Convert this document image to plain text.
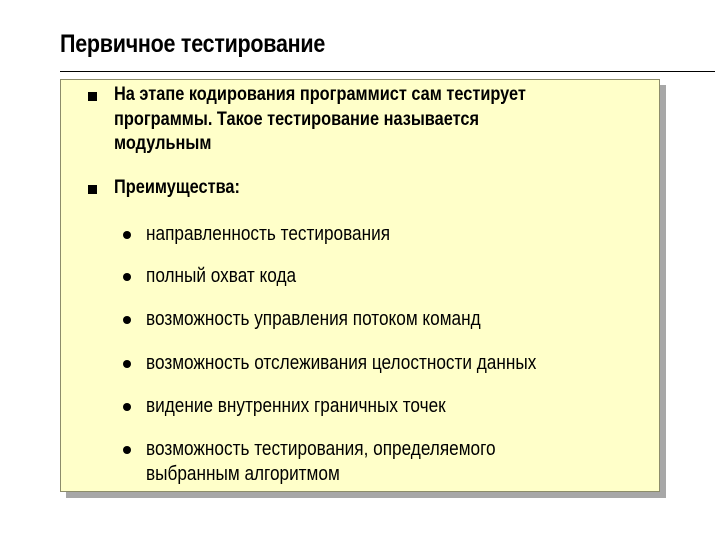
Первичное тестирование
На этапе кодирования программист сам тестирует
программы. Такое тестирование называется
модульным
Преимущества:
направленность тестирования
полный охват кода
возможность управления потоком команд
возможность отслеживания целостности данных
видение внутренних граничных точек
возможность тестирования, определяемого
выбранным алгоритмом
